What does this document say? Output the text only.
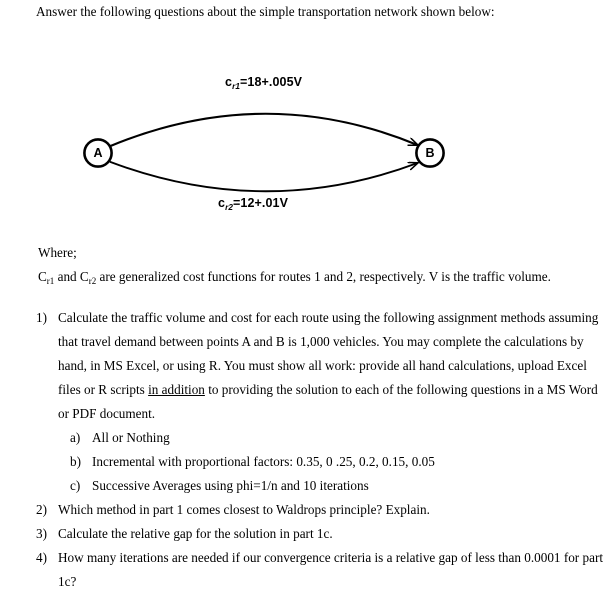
Answer the following questions about the simple transportation network shown below:
A	B
$c_{r1}=18+.005V$
$c_{r2}=12+.01V$
Where;
$C_{r1}$ and $C_{r2}$ are generalized cost functions for routes 1 and 2, respectively. V is the traffic volume.
1) Calculate the traffic volume and cost for each route using the following assignment methods assuming that travel demand between points A and B is 1,000 vehicles. You may complete the calculations by hand, in MS Excel, or using R. You must show all work: provide all hand calculations, upload Excel files or R scripts in addition to providing the solution to each of the following questions in a MS Word or PDF document.
a) All or Nothing
b) Incremental with proportional factors: 0.35, 0 .25, 0.2, 0.15, 0.05
c) Successive Averages using phi=1/n and 10 iterations
2) Which method in part 1 comes closest to Waldrops principle? Explain.
3) Calculate the relative gap for the solution in part 1c.
4) How many iterations are needed if our convergence criteria is a relative gap of less than 0.0001 for part 1c?
